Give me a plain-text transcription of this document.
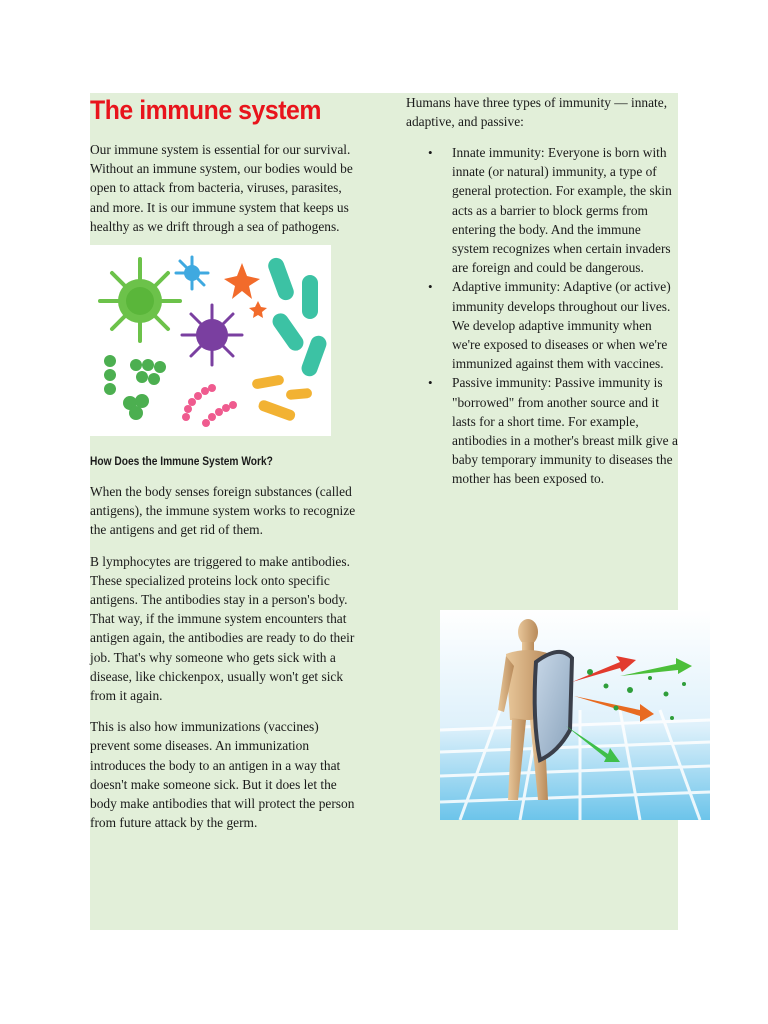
The immune system

Our immune system is essential for our survival. Without an immune system, our bodies would be open to attack from bacteria, viruses, parasites, and more. It is our immune system that keeps us healthy as we drift through a sea of pathogens.

How Does the Immune System Work?

When the body senses foreign substances (called antigens), the immune system works to recognize the antigens and get rid of them.

B lymphocytes are triggered to make antibodies. These specialized proteins lock onto specific antigens. The antibodies stay in a person's body. That way, if the immune system encounters that antigen again, the antibodies are ready to do their job. That's why someone who gets sick with a disease, like chickenpox, usually won't get sick from it again.

This is also how immunizations (vaccines) prevent some diseases. An immunization introduces the body to an antigen in a way that doesn't make someone sick. But it does let the body make antibodies that will protect the person from future attack by the germ.

Humans have three types of immunity — innate, adaptive, and passive:

• Innate immunity: Everyone is born with innate (or natural) immunity, a type of general protection. For example, the skin acts as a barrier to block germs from entering the body. And the immune system recognizes when certain invaders are foreign and could be dangerous.
• Adaptive immunity: Adaptive (or active) immunity develops throughout our lives. We develop adaptive immunity when we're exposed to diseases or when we're immunized against them with vaccines.
• Passive immunity: Passive immunity is "borrowed" from another source and it lasts for a short time. For example, antibodies in a mother's breast milk give a baby temporary immunity to diseases the mother has been exposed to.
